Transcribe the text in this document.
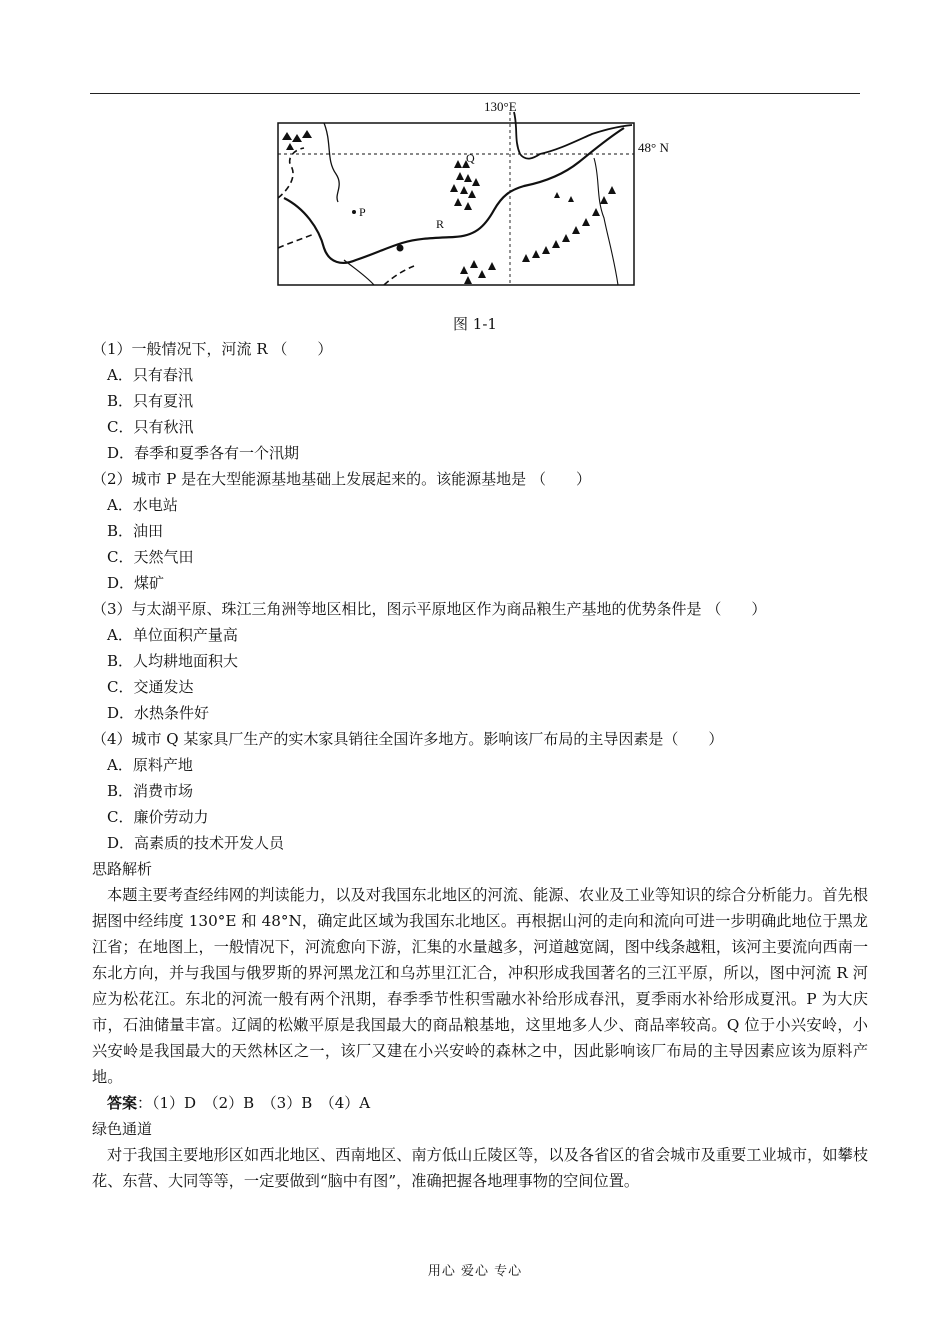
130°E
48° N
P
Q
R
图 1-1
（1）一般情况下，河流 R （　　）
A．只有春汛
B．只有夏汛
C．只有秋汛
D．春季和夏季各有一个汛期
（2）城市 P 是在大型能源基地基础上发展起来的。该能源基地是 （　　）
A．水电站
B．油田
C．天然气田
D．煤矿
（3）与太湖平原、珠江三角洲等地区相比，图示平原地区作为商品粮生产基地的优势条件是 （　　）
A．单位面积产量高
B．人均耕地面积大
C．交通发达
D．水热条件好
（4）城市 Q 某家具厂生产的实木家具销往全国许多地方。影响该厂布局的主导因素是（　　）
A．原料产地
B．消费市场
C．廉价劳动力
D．高素质的技术开发人员
思路解析
本题主要考查经纬网的判读能力，以及对我国东北地区的河流、能源、农业及工业等知识的综合分析能力。首先根据图中经纬度 130°E 和 48°N，确定此区域为我国东北地区。再根据山河的走向和流向可进一步明确此地位于黑龙江省；在地图上，一般情况下，河流愈向下游，汇集的水量越多，河道越宽阔，图中线条越粗，该河主要流向西南一东北方向，并与我国与俄罗斯的界河黑龙江和乌苏里江汇合，冲积形成我国著名的三江平原，所以，图中河流 R 河应为松花江。东北的河流一般有两个汛期，春季季节性积雪融水补给形成春汛，夏季雨水补给形成夏汛。P 为大庆市，石油储量丰富。辽阔的松嫩平原是我国最大的商品粮基地，这里地多人少、商品率较高。Q 位于小兴安岭，小兴安岭是我国最大的天然林区之一，该厂又建在小兴安岭的森林之中，因此影响该厂布局的主导因素应该为原料产地。
答案：（1）D　（2）B　（3）B　（4）A
绿色通道
对于我国主要地形区如西北地区、西南地区、南方低山丘陵区等，以及各省区的省会城市及重要工业城市，如攀枝花、东营、大同等等，一定要做到“脑中有图”，准确把握各地理事物的空间位置。
用心 爱心 专心
